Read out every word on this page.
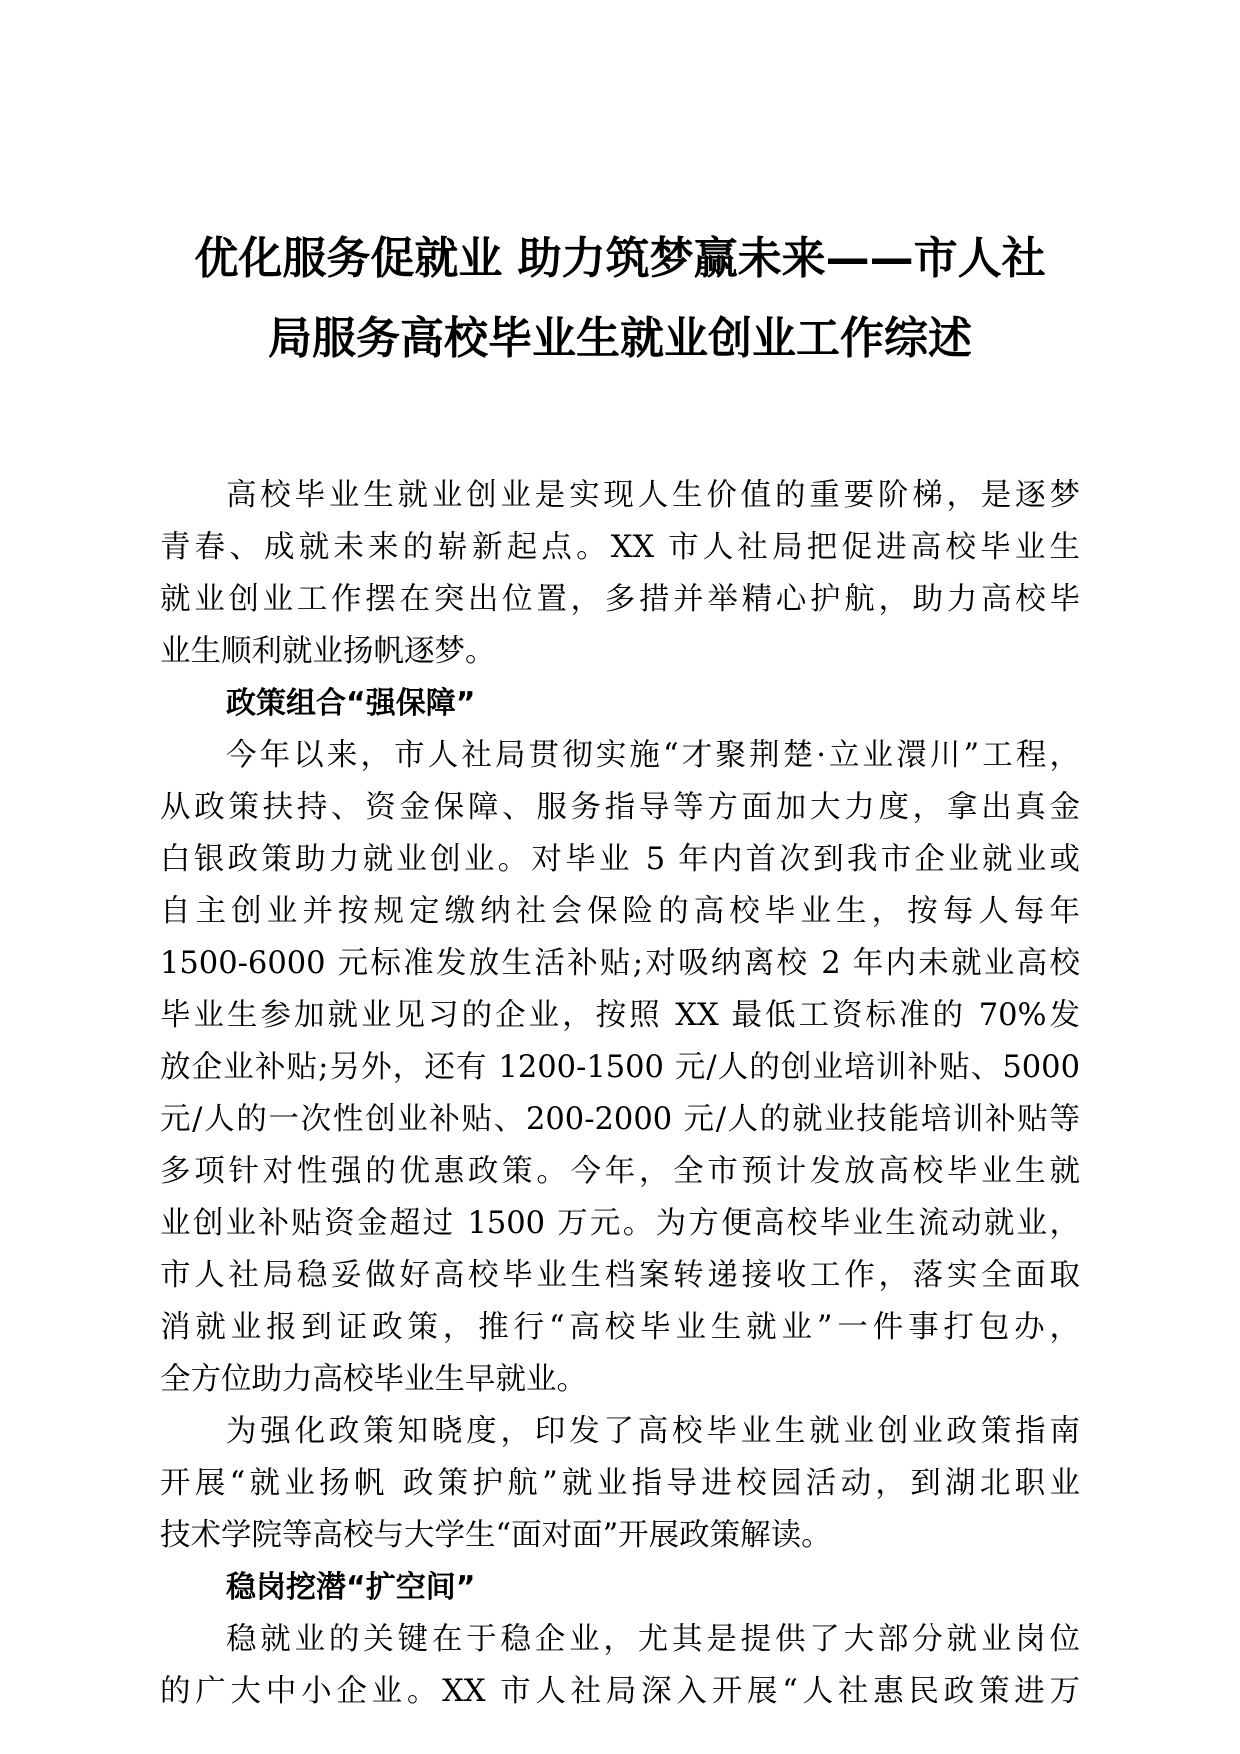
优化服务促就业 助力筑梦赢未来——市人社
局服务高校毕业生就业创业工作综述
高校毕业生就业创业是实现人生价值的重要阶梯，是逐梦
青春、成就未来的崭新起点。XX 市人社局把促进高校毕业生
就业创业工作摆在突出位置，多措并举精心护航，助力高校毕
业生顺利就业扬帆逐梦。
政策组合“强保障”
今年以来，市人社局贯彻实施“才聚荆楚·立业澴川”工程，
从政策扶持、资金保障、服务指导等方面加大力度，拿出真金
白银政策助力就业创业。对毕业 5 年内首次到我市企业就业或
自主创业并按规定缴纳社会保险的高校毕业生，按每人每年
1500-6000 元标准发放生活补贴;对吸纳离校 2 年内未就业高校
毕业生参加就业见习的企业，按照 XX 最低工资标准的 70%发
放企业补贴;另外，还有 1200-1500 元/人的创业培训补贴、5000
元/人的一次性创业补贴、200-2000 元/人的就业技能培训补贴等
多项针对性强的优惠政策。今年，全市预计发放高校毕业生就
业创业补贴资金超过 1500 万元。为方便高校毕业生流动就业，
市人社局稳妥做好高校毕业生档案转递接收工作，落实全面取
消就业报到证政策，推行“高校毕业生就业”一件事打包办，
全方位助力高校毕业生早就业。
为强化政策知晓度，印发了高校毕业生就业创业政策指南
开展“就业扬帆 政策护航”就业指导进校园活动，到湖北职业
技术学院等高校与大学生“面对面”开展政策解读。
稳岗挖潜“扩空间”
稳就业的关键在于稳企业，尤其是提供了大部分就业岗位
的广大中小企业。XX 市人社局深入开展“人社惠民政策进万
